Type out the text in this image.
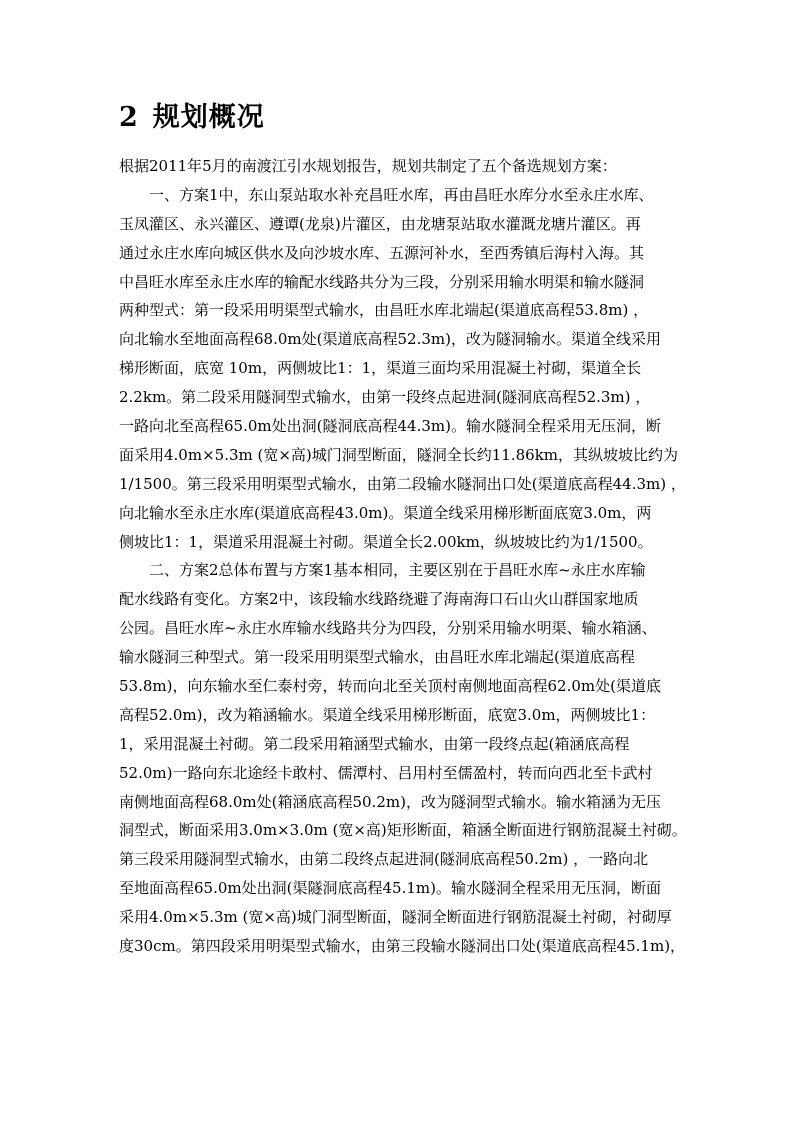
2 规划概况
根据2011年5月的南渡江引水规划报告，规划共制定了五个备选规划方案：
一、方案1中，东山泵站取水补充昌旺水库，再由昌旺水库分水至永庄水库、
玉凤灌区、永兴灌区、遵谭(龙泉)片灌区，由龙塘泵站取水灌溉龙塘片灌区。再
通过永庄水库向城区供水及向沙坡水库、五源河补水，至西秀镇后海村入海。其
中昌旺水库至永庄水库的输配水线路共分为三段，分别采用输水明渠和输水隧洞
两种型式：第一段采用明渠型式输水，由昌旺水库北端起(渠道底高程53.8m) ，
向北输水至地面高程68.0m处(渠道底高程52.3m)，改为隧洞输水。渠道全线采用
梯形断面，底宽 10m，两侧坡比1：1，渠道三面均采用混凝土衬砌，渠道全长
2.2km。第二段采用隧洞型式输水，由第一段终点起进洞(隧洞底高程52.3m) ，
一路向北至高程65.0m处出洞(隧洞底高程44.3m)。输水隧洞全程采用无压洞，断
面采用4.0m×5.3m (宽×高)城门洞型断面，隧洞全长约11.86km，其纵坡坡比约为
1/1500。第三段采用明渠型式输水，由第二段输水隧洞出口处(渠道底高程44.3m) ，
向北输水至永庄水库(渠道底高程43.0m)。渠道全线采用梯形断面底宽3.0m，两
侧坡比1：1，渠道采用混凝土衬砌。渠道全长2.00km，纵坡坡比约为1/1500。
二、方案2总体布置与方案1基本相同，主要区别在于昌旺水库~永庄水库输
配水线路有变化。方案2中，该段输水线路绕避了海南海口石山火山群国家地质
公园。昌旺水库~永庄水库输水线路共分为四段，分别采用输水明渠、输水箱涵、
输水隧洞三种型式。第一段采用明渠型式输水，由昌旺水库北端起(渠道底高程
53.8m)，向东输水至仁泰村旁，转而向北至关顶村南侧地面高程62.0m处(渠道底
高程52.0m)，改为箱涵输水。渠道全线采用梯形断面，底宽3.0m，两侧坡比1：
1，采用混凝土衬砌。第二段采用箱涵型式输水，由第一段终点起(箱涵底高程
52.0m)一路向东北途经卡敢村、儒潭村、吕用村至儒盈村，转而向西北至卡武村
南侧地面高程68.0m处(箱涵底高程50.2m)，改为隧洞型式输水。输水箱涵为无压
洞型式，断面采用3.0m×3.0m (宽×高)矩形断面，箱涵全断面进行钢筋混凝土衬砌。
第三段采用隧洞型式输水，由第二段终点起进洞(隧洞底高程50.2m) ，一路向北
至地面高程65.0m处出洞(渠隧洞底高程45.1m)。输水隧洞全程采用无压洞，断面
采用4.0m×5.3m (宽×高)城门洞型断面，隧洞全断面进行钢筋混凝土衬砌，衬砌厚
度30cm。第四段采用明渠型式输水，由第三段输水隧洞出口处(渠道底高程45.1m)，
